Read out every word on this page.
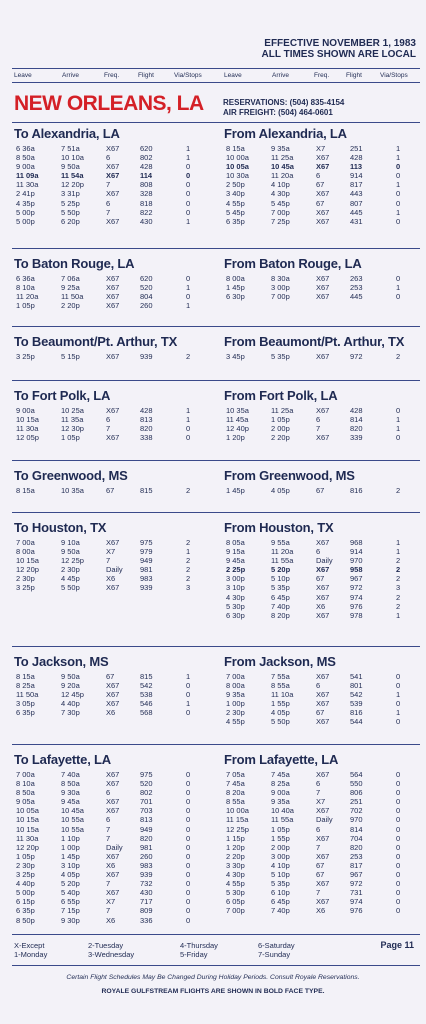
EFFECTIVE NOVEMBER 1, 1983
ALL TIMES SHOWN ARE LOCAL
Leave	Arrive	Freq.	Flight	Via/Stops	Leave	Arrive	Freq.	Flight	Via/Stops
NEW ORLEANS, LA RESERVATIONS: (504) 835-4154
AIR FREIGHT: (504) 464-0601
To Alexandria, LA
6 36a	7 51a	X67	620	1
8 50a	10 10a	6	802	1
9 00a	9 50a	X67	428	0
11 09a	11 54a	X67	114	0
11 30a	12 20p	7	808	0
2 41p	3 31p	X67	328	0
4 35p	5 25p	6	818	0
5 00p	5 50p	7	822	0
5 00p	6 20p	X67	430	1
From Alexandria, LA
8 15a	9 35a	X7	251	1
10 00a	11 25a	X67	428	1
10 05a	10 45a	X67	113	0
10 30a	11 20a	6	914	0
2 50p	4 10p	67	817	1
3 40p	4 30p	X67	443	0
4 55p	5 45p	67	807	0
5 45p	7 00p	X67	445	1
6 35p	7 25p	X67	431	0
To Baton Rouge, LA
6 36a	7 06a	X67	620	0
8 10a	9 25a	X67	520	1
11 20a	11 50a	X67	804	0
1 05p	2 20p	X67	260	1
From Baton Rouge, LA
8 00a	8 30a	X67	263	0
1 45p	3 00p	X67	253	1
6 30p	7 00p	X67	445	0
To Beaumont/Pt. Arthur, TX
3 25p	5 15p	X67	939	2
From Beaumont/Pt. Arthur, TX
3 45p	5 35p	X67	972	2
To Fort Polk, LA
9 00a	10 25a	X67	428	1
10 15a	11 35a	6	813	1
11 30a	12 30p	7	820	0
12 05p	1 05p	X67	338	0
From Fort Polk, LA
10 35a	11 25a	X67	428	0
11 45a	1 05p	6	814	1
12 40p	2 00p	7	820	1
1 20p	2 20p	X67	339	0
To Greenwood, MS
8 15a	10 35a	67	815	2
From Greenwood, MS
1 45p	4 05p	67	816	2
To Houston, TX
7 00a	9 10a	X67	975	2
8 00a	9 50a	X7	979	1
10 15a	12 25p	7	949	2
12 20p	2 30p	Daily 981	2
2 30p	4 45p	X6	983	2
3 25p	5 50p	X67	939	3
From Houston, TX
8 05a	9 55a	X67	968	1
9 15a	11 20a	6	914	1
9 45a	11 55a	Daily 970	2
2 25p	5 20p	X67	958	2
3 00p	5 10p	67	967	2
3 10p	5 35p	X67	972	3
4 30p	6 45p	X67	974	2
5 30p	7 40p	X6	976	2
6 30p	8 20p	X67	978	1
To Jackson, MS
8 15a	9 50a	67	815	1
8 25a	9 20a	X67	542	0
11 50a	12 45p	X67	538	0
3 05p	4 40p	X67	546	1
6 35p	7 30p	X6	568	0
From Jackson, MS
7 00a	7 55a	X67	541	0
8 00a	8 55a	6	801	0
9 35a	11 10a	X67	542	1
1 00p	1 55p	X67	539	0
2 30p	4 05p	67	816	1
4 55p	5 50p	X67	544	0
To Lafayette, LA
7 00a	7 40a	X67	975	0
8 10a	8 50a	X67	520	0
8 50a	9 30a	6	802	0
9 05a	9 45a	X67	701	0
10 05a	10 45a	X67	703	0
10 15a	10 55a	6	813	0
10 15a	10 55a	7	949	0
11 30a	1 10p	7	820	0
12 20p	1 00p	Daily 981	0
1 05p	1 45p	X67	260	0
2 30p	3 10p	X6	983	0
3 25p	4 05p	X67	939	0
4 40p	5 20p	7	732	0
5 00p	5 40p	X67	430	0
6 15p	6 55p	X7	717	0
6 35p	7 15p	7	809	0
8 50p	9 30p	X6	336	0
From Lafayette, LA
7 05a	7 45a	X67	564	0
7 45a	8 25a	6	550	0
8 20a	9 00a	7	806	0
8 55a	9 35a	X7	251	0
10 00a	10 40a	X67	702	0
11 15a	11 55a	Daily 970	0
12 25p	1 05p	6	814	0
1 15p	1 55p	X67	704	0
1 20p	2 00p	7	820	0
2 20p	3 00p	X67	253	0
3 30p	4 10p	67	817	0
4 30p	5 10p	67	967	0
4 55p	5 35p	X67	972	0
5 30p	6 10p	7	731	0
6 05p	6 45p	X67	974	0
7 00p	7 40p	X6	976	0
X-Except
1-Monday
2-Tuesday
3-Wednesday
4-Thursday
5-Friday
6-Saturday
7-Sunday
Page 11
Certain Flight Schedules May Be Changed During Holiday Periods. Consult Royale Reservations.
ROYALE GULFSTREAM FLIGHTS ARE SHOWN IN BOLD FACE TYPE.
